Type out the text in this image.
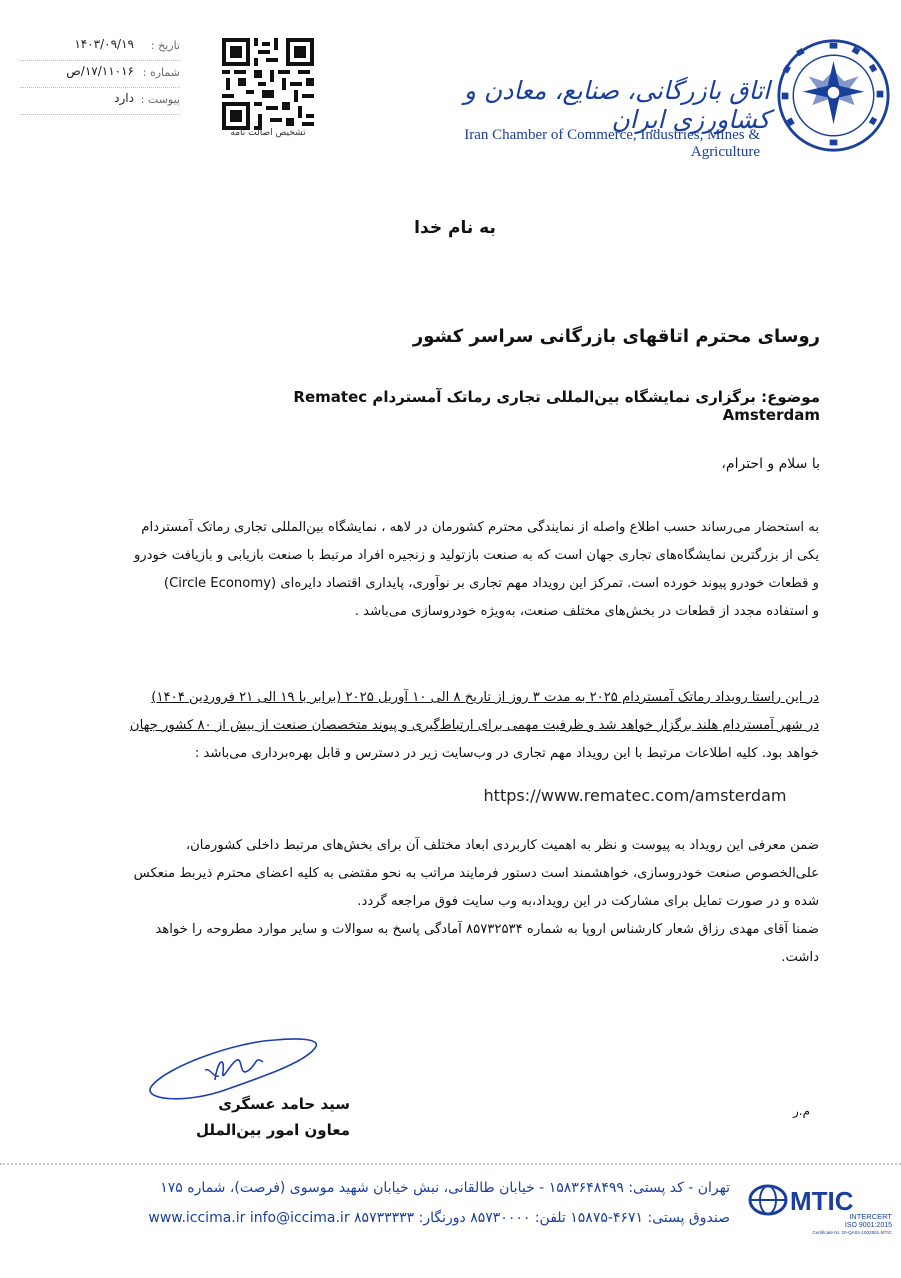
تاریخ :
۱۴۰۳/۰۹/۱۹
شماره :
۱۷/۱۱۰۱۶/ص
پیوست :
دارد
تشخیص اصالت نامه
اتاق بازرگانی، صنایع، معادن و کشاورزی ایران
Iran Chamber of Commerce, Industries, Mines & Agriculture
به نام خدا
روسای محترم اتاقهای بازرگانی سراسر کشور
موضوع: برگزاری نمایشگاه بین‌المللی تجاری رماتک آمستردام Rematec Amsterdam
با سلام و احترام،
به استحضار می‌رساند حسب اطلاع واصله از نمایندگی محترم کشورمان در لاهه ، نمایشگاه بین‌المللی تجاری رماتک آمستردام
یکی از بزرگترین نمایشگاه‌های تجاری جهان است که به صنعت بازتولید و زنجیره افراد مرتبط با صنعت بازیابی و بازیافت خودرو
و قطعات خودرو پیوند خورده است. تمرکز این رویداد مهم تجاری بر نوآوری، پایداری اقتصاد دایره‌ای (Circle Economy)
و استفاده مجدد از قطعات در بخش‌های مختلف صنعت، به‌ویژه خودروسازی می‌باشد .
در این راستا رویداد رماتک آمستردام ۲۰۲۵ به مدت ۳ روز از تاریخ ۸ الی ۱۰ آوریل ۲۰۲۵ (برابر با ۱۹ الی ۲۱ فروردین ۱۴۰۴)
در شهر آمستردام هلند برگزار خواهد شد و ظرفیت مهمی برای ارتباط‌گیری و پیوند متخصصان صنعت از بیش از ۸۰ کشور جهان
خواهد بود. کلیه اطلاعات مرتبط با این رویداد مهم تجاری در وب‌سایت زیر در دسترس و قابل بهره‌برداری می‌باشد :
https://www.rematec.com/amsterdam
ضمن معرفی این رویداد به پیوست و نظر به اهمیت کاربردی ابعاد مختلف آن برای بخش‌های مرتبط داخلی کشورمان،
علی‌الخصوص صنعت خودروسازی، خواهشمند است دستور فرمایند مراتب به نحو مقتضی به کلیه اعضای محترم ذیربط منعکس
شده و در صورت تمایل برای مشارکت در این رویداد،به وب سایت فوق مراجعه گردد.
ضمنا آقای مهدی رزاق شعار کارشناس اروپا به شماره ۸۵۷۳۲۵۳۴ آمادگی پاسخ به سوالات و سایر موارد مطروحه را خواهد
داشت.
سید حامد عسگری
معاون امور بین‌الملل
م.ر
تهران - کد پستی: ۱۵۸۳۶۴۸۴۹۹ - خیابان طالقانی، نبش خیابان شهید موسوی (فرصت)، شماره ۱۷۵
www.iccima.ir info@iccima.ir صندوق پستی: ۴۶۷۱-۱۵۸۷۵ تلفن: ۸۵۷۳۰۰۰۰ دورنگار: ۸۵۷۳۳۳۳۳
MTIC
INTERCERT
ISO 9001:2015
Certificate Nr. 20-QA04-1002501-MTIC
